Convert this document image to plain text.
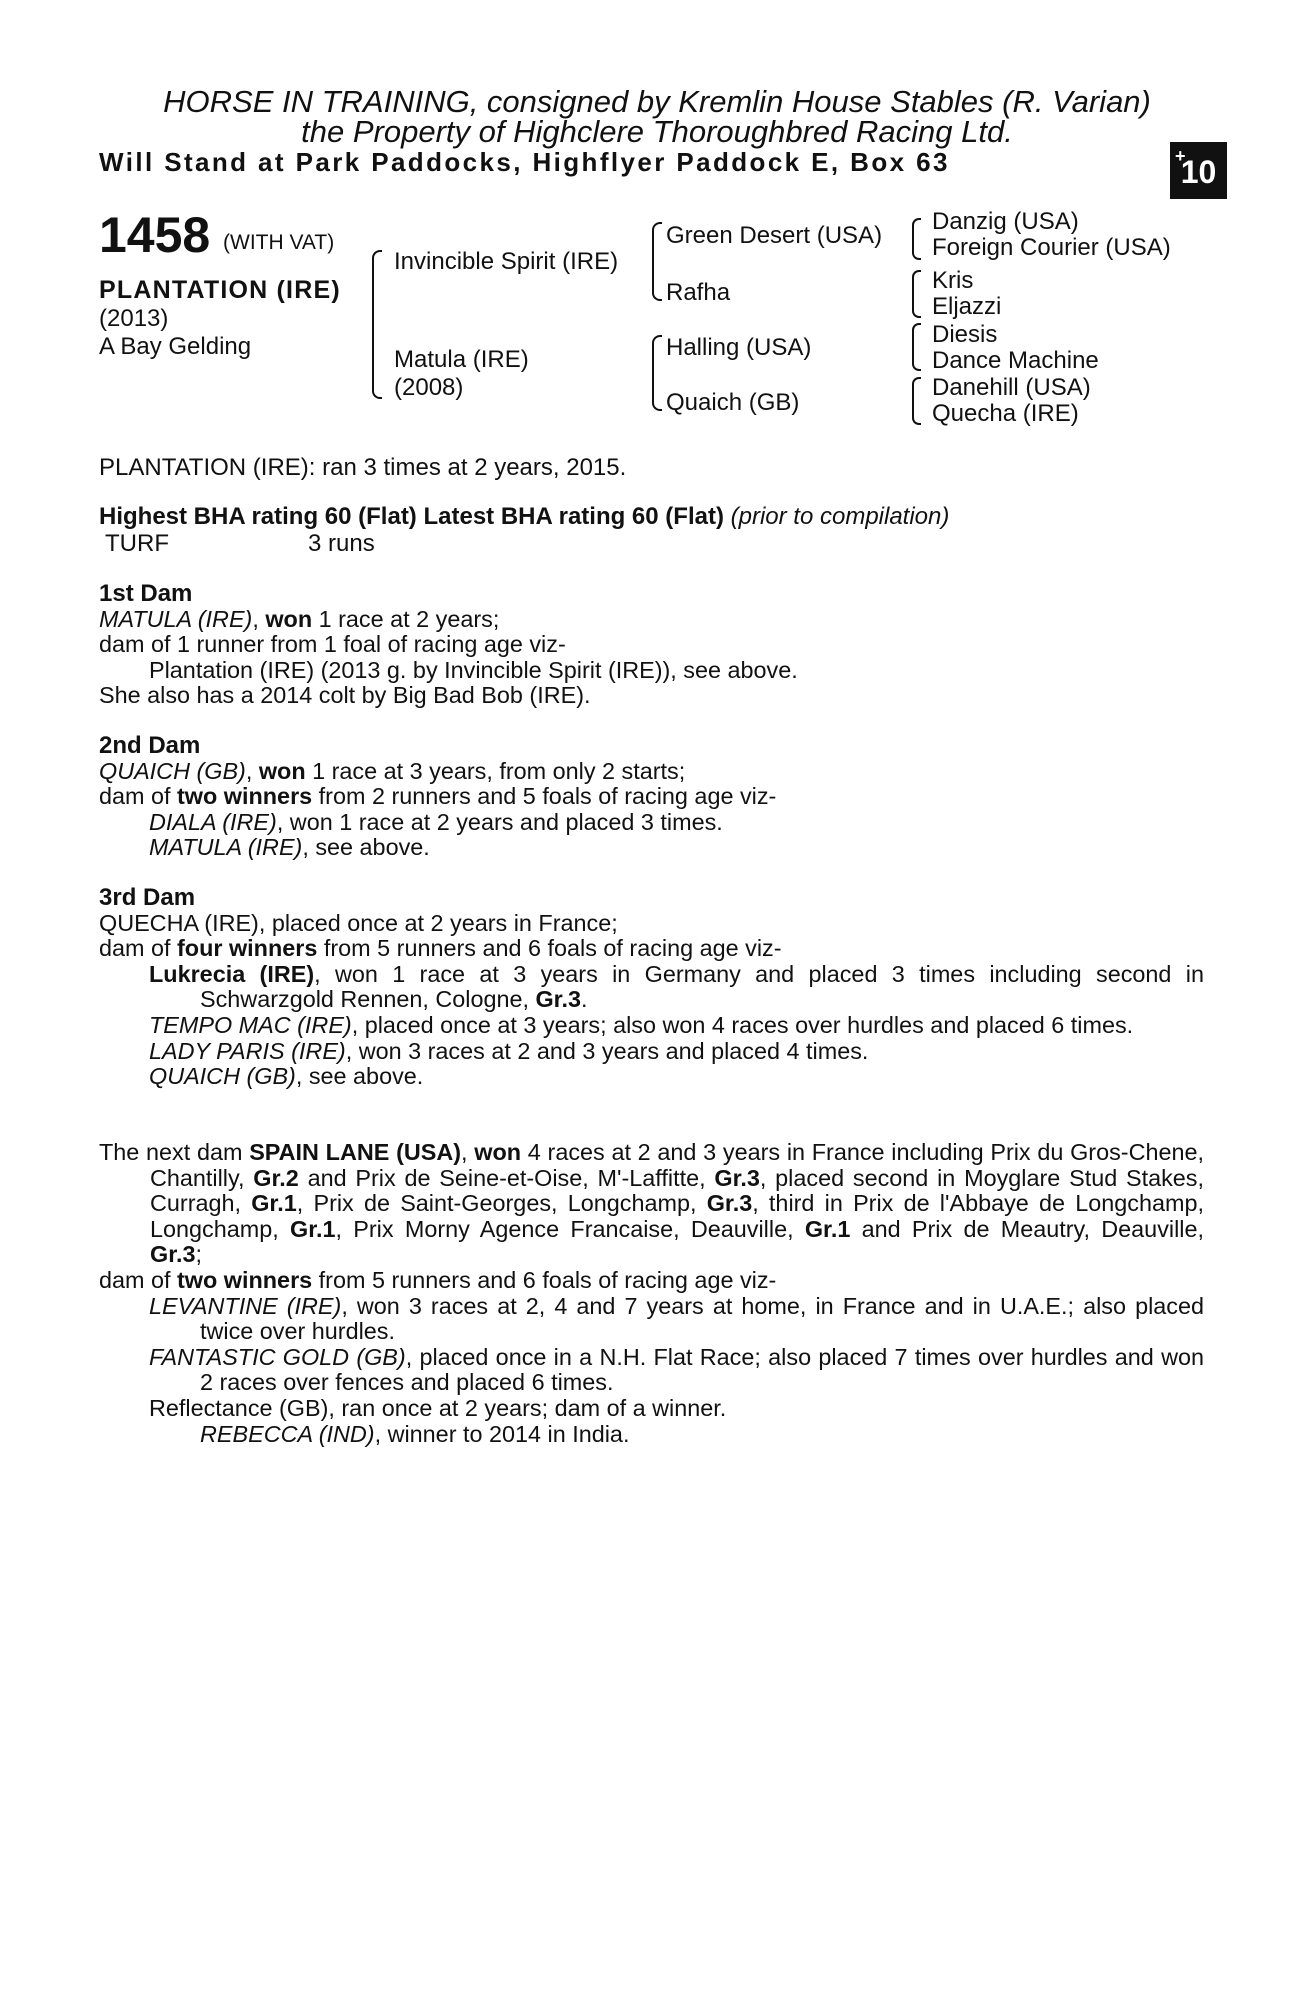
HORSE IN TRAINING, consigned by Kremlin House Stables (R. Varian)
the Property of Highclere Thoroughbred Racing Ltd.
Will Stand at Park Paddocks, Highflyer Paddock E, Box 63	+
10
1458 (WITH VAT)
PLANTATION (IRE)
(2013)
A Bay Gelding
Invincible Spirit (IRE)
Matula (IRE)
(2008)
Green Desert (USA)
Rafha
Halling (USA)
Quaich (GB)
Danzig (USA)
Foreign Courier (USA)
Kris
Eljazzi
Diesis
Dance Machine
Danehill (USA)
Quecha (IRE)
PLANTATION (IRE): ran 3 times at 2 years, 2015.
Highest BHA rating 60 (Flat) Latest BHA rating 60 (Flat) (prior to compilation)
TURF	3 runs

1st Dam

MATULA (IRE), won 1 race at 2 years;

dam of 1 runner from 1 foal of racing age viz-

Plantation (IRE) (2013 g. by Invincible Spirit (IRE)), see above.

She also has a 2014 colt by Big Bad Bob (IRE).

2nd Dam

QUAICH (GB), won 1 race at 3 years, from only 2 starts;

dam of two winners from 2 runners and 5 foals of racing age viz-

DIALA (IRE), won 1 race at 2 years and placed 3 times.

MATULA (IRE), see above.

3rd Dam

QUECHA (IRE), placed once at 2 years in France;

dam of four winners from 5 runners and 6 foals of racing age viz-

Lukrecia (IRE), won 1 race at 3 years in Germany and placed 3 times including second in Schwarzgold Rennen, Cologne, Gr.3.

TEMPO MAC (IRE), placed once at 3 years; also won 4 races over hurdles and placed 6 times.

LADY PARIS (IRE), won 3 races at 2 and 3 years and placed 4 times.

QUAICH (GB), see above.

The next dam SPAIN LANE (USA), won 4 races at 2 and 3 years in France including Prix du Gros-Chene, Chantilly, Gr.2 and Prix de Seine-et-Oise, M'-Laffitte, Gr.3, placed second in Moyglare Stud Stakes, Curragh, Gr.1, Prix de Saint-Georges, Longchamp, Gr.3, third in Prix de l'Abbaye de Longchamp, Longchamp, Gr.1, Prix Morny Agence Francaise, Deauville, Gr.1 and Prix de Meautry, Deauville, Gr.3;

dam of two winners from 5 runners and 6 foals of racing age viz-

LEVANTINE (IRE), won 3 races at 2, 4 and 7 years at home, in France and in U.A.E.; also placed twice over hurdles.

FANTASTIC GOLD (GB), placed once in a N.H. Flat Race; also placed 7 times over hurdles and won 2 races over fences and placed 6 times.

Reflectance (GB), ran once at 2 years; dam of a winner.

REBECCA (IND), winner to 2014 in India.
